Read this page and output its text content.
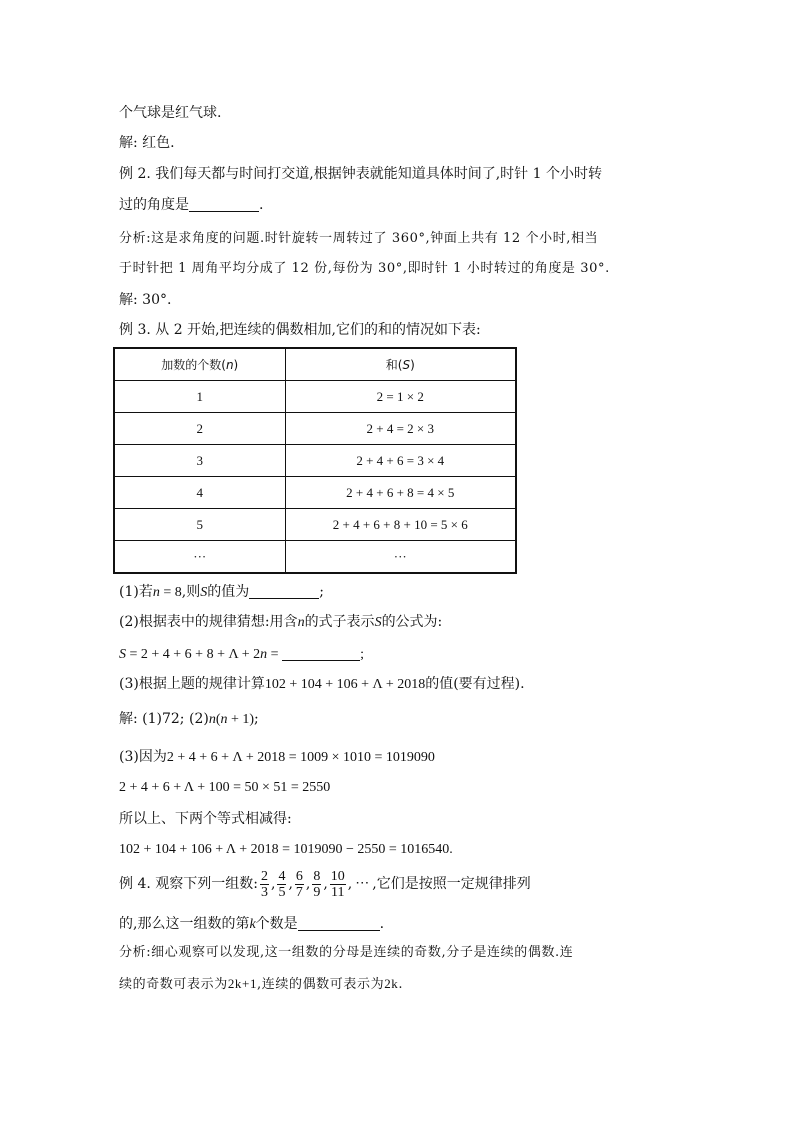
个气球是红气球.
解: 红色.
例 2. 我们每天都与时间打交道,根据钟表就能知道具体时间了,时针 1 个小时转
过的角度是	.
分析:这是求角度的问题.时针旋转一周转过了 360°,钟面上共有 12 个小时,相当
于时针把 1 周角平均分成了 12 份,每份为 30°,即时针 1 小时转过的角度是 30°.
解: 30°.
例 3. 从 2 开始,把连续的偶数相加,它们的和的情况如下表:
加数的个数(n)	和(S)
1	2 = 1 × 2
2	2 + 4 = 2 × 3
3	2 + 4 + 6 = 3 × 4
4	2 + 4 + 6 + 8 = 4 × 5
5	2 + 4 + 6 + 8 + 10 = 5 × 6
···	···
(1)若n = 8,则S的值为	;
(2)根据表中的规律猜想:用含n的式子表示S的公式为:
S = 2 + 4 + 6 + 8 + Λ + 2n =	;
(3)根据上题的规律计算102 + 104 + 106 + Λ + 2018的值(要有过程).
解: (1)72; (2)n(n + 1);
(3)因为2 + 4 + 6 + Λ + 2018 = 1009 × 1010 = 1019090
2 + 4 + 6 + Λ + 100 = 50 × 51 = 2550
所以上、下两个等式相减得:
102 + 104 + 106 + Λ + 2018 = 1019090 − 2550 = 1016540.
例 4. 观察下列一组数: $\frac{2}{3}$ , $\frac{4}{5}$ , $\frac{6}{7}$ , $\frac{8}{9}$ , $\frac{10}{11}$ , ⋯ ,它们是按照一定规律排列
的,那么这一组数的第k个数是	.
分析:细心观察可以发现,这一组数的分母是连续的奇数,分子是连续的偶数.连
续的奇数可表示为2k+1,连续的偶数可表示为2k.
